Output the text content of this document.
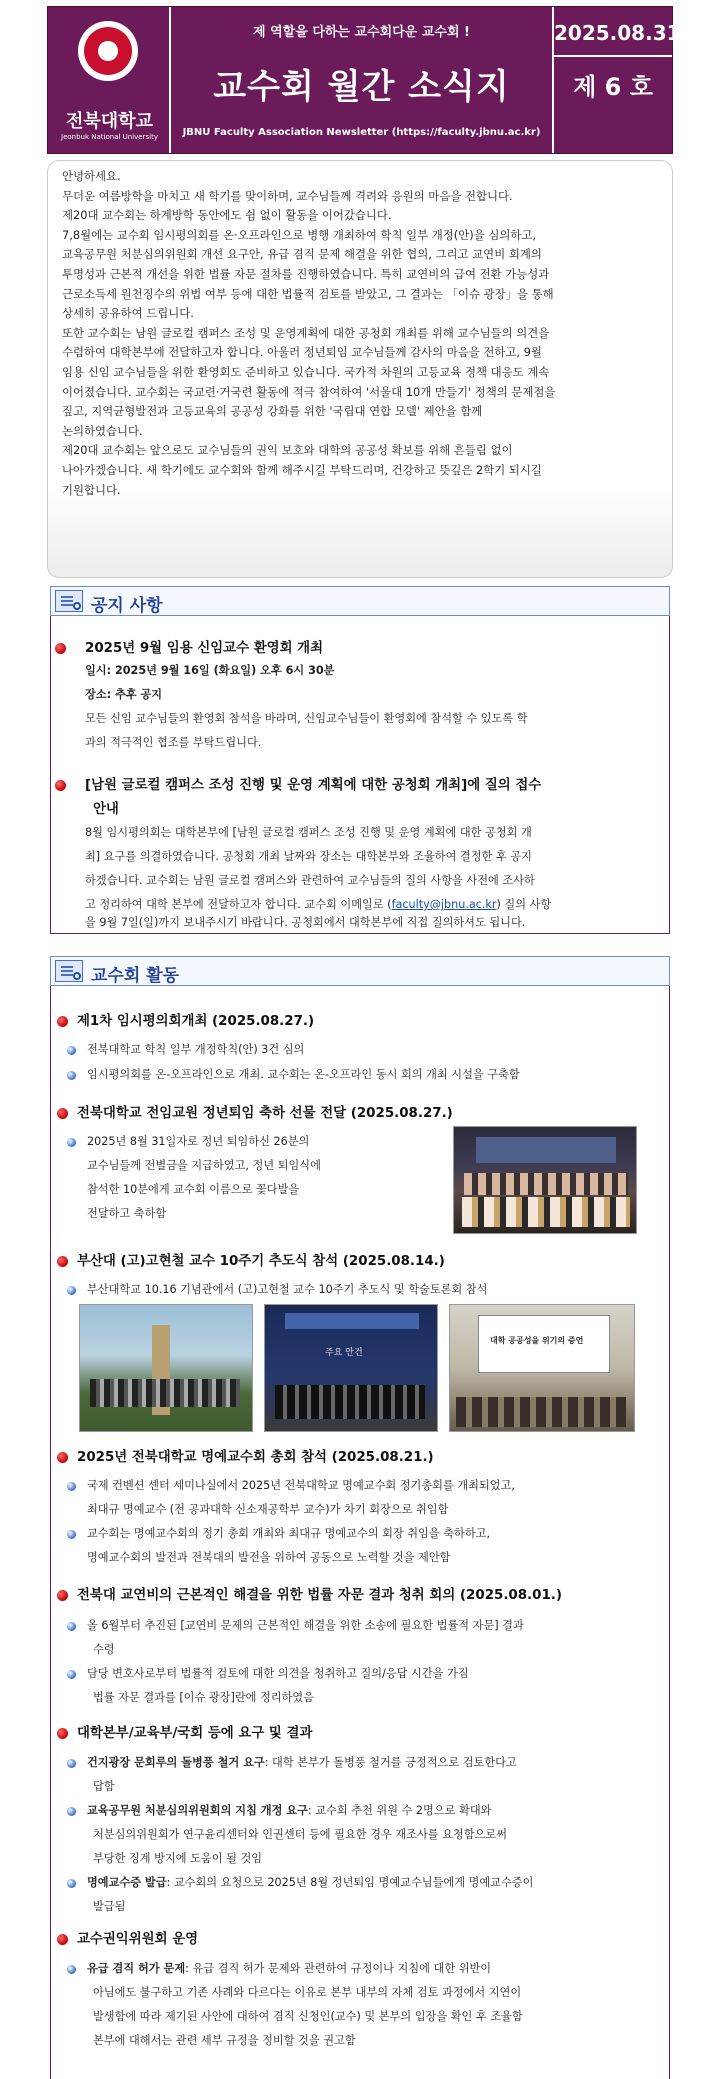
전북대학교
Jeonbuk National University
제 역할을 다하는 교수회다운 교수회 !
교수회 월간 소식지
JBNU Faculty Association Newsletter (https://faculty.jbnu.ac.kr)
2025.08.31.
제 6 호

안녕하세요.

무더운 여름방학을 마치고 새 학기를 맞이하며, 교수님들께 격려와 응원의 마음을 전합니다.

제20대 교수회는 하계방학 동안에도 쉼 없이 활동을 이어갔습니다.

7,8월에는 교수회 임시평의회를 온·오프라인으로 병행 개최하여 학칙 일부 개정(안)을 심의하고,

교육공무원 처분심의위원회 개선 요구안, 유급 겸직 문제 해결을 위한 협의, 그리고 교연비 회계의

투명성과 근본적 개선을 위한 법률 자문 절차를 진행하였습니다. 특히 교연비의 급여 전환 가능성과

근로소득세 원천징수의 위법 여부 등에 대한 법률적 검토를 받았고, 그 결과는 「이슈 광장」을 통해

상세히 공유하여 드립니다.

또한 교수회는 남원 글로컬 캠퍼스 조성 및 운영계획에 대한 공청회 개최를 위해 교수님들의 의견을

수렴하여 대학본부에 전달하고자 합니다. 아울러 정년퇴임 교수님들께 감사의 마음을 전하고, 9월

임용 신임 교수님들을 위한 환영회도 준비하고 있습니다. 국가적 차원의 고등교육 정책 대응도 계속

이어졌습니다. 교수회는 국교련·거국련 활동에 적극 참여하여 '서울대 10개 만들기' 정책의 문제점을

짚고, 지역균형발전과 고등교육의 공공성 강화를 위한 '국립대 연합 모델' 제안을 함께

논의하였습니다.

제20대 교수회는 앞으로도 교수님들의 권익 보호와 대학의 공공성 확보를 위해 흔들림 없이

나아가겠습니다. 새 학기에도 교수회와 함께 해주시길 부탁드리며, 건강하고 뜻깊은 2학기 되시길

기원합니다.

공지 사항
2025년 9월 임용 신임교수 환영회 개최
일시: 2025년 9월 16일 (화요일) 오후 6시 30분
장소: 추후 공지
모든 신임 교수님들의 환영회 참석을 바라며, 신임교수님들이 환영회에 참석할 수 있도록 학
과의 적극적인 협조를 부탁드립니다.
[남원 글로컬 캠퍼스 조성 진행 및 운영 계획에 대한 공청회 개최]에 질의 접수
안내
8월 임시평의회는 대학본부에 [남원 글로컬 캠퍼스 조성 진행 및 운영 계획에 대한 공청회 개
최] 요구를 의결하였습니다. 공청회 개최 날짜와 장소는 대학본부와 조율하여 결정한 후 공지
하겠습니다. 교수회는 남원 글로컬 캠퍼스와 관련하여 교수님들의 질의 사항을 사전에 조사하
고 정리하여 대학 본부에 전달하고자 합니다. 교수회 이메일로 (faculty@jbnu.ac.kr) 질의 사항
을 9월 7일(일)까지 보내주시기 바랍니다. 공청회에서 대학본부에 직접 질의하셔도 됩니다.
교수회 활동
제1차 임시평의회개최 (2025.08.27.)
전북대학교 학칙 일부 개정학칙(안) 3건 심의
임시평의회를 온-오프라인으로 개최. 교수회는 온-오프라인 동시 회의 개최 시설을 구축함
전북대학교 전임교원 정년퇴임 축하 선물 전달 (2025.08.27.)
2025년 8월 31일자로 정년 퇴임하신 26분의
교수님들께 전별금을 지급하였고, 정년 퇴임식에
참석한 10분에게 교수회 이름으로 꽃다발을
전달하고 축하함
부산대 (고)고현철 교수 10주기 추도식 참석 (2025.08.14.)
부산대학교 10.16 기념관에서 (고)고현철 교수 10주기 추도식 및 학술토론회 참석
주요 안건
대학 공공성을 위기의 증언
2025년 전북대학교 명예교수회 총회 참석 (2025.08.21.)
국제 컨벤션 센터 세미나실에서 2025년 전북대학교 명예교수회 정기총회를 개최되었고,
최대규 명예교수 (전 공과대학 신소재공학부 교수)가 차기 회장으로 취임함
교수회는 명예교수회의 정기 총회 개최와 최대규 명예교수의 회장 취임을 축하하고,
명예교수회의 발전과 전북대의 발전을 위하여 공동으로 노력할 것을 제안함
전북대 교연비의 근본적인 해결을 위한 법률 자문 결과 청취 회의 (2025.08.01.)
올 6월부터 추진된 [교연비 문제의 근본적인 해결을 위한 소송에 필요한 법률적 자문] 결과
수령
담당 변호사로부터 법률적 검토에 대한 의견을 청취하고 질의/응답 시간을 가짐
법률 자문 결과를 [이슈 광장]란에 정리하였음
대학본부/교육부/국회 등에 요구 및 결과
건지광장 문회루의 돌병풍 철거 요구: 대학 본부가 돌병풍 철거를 긍정적으로 검토한다고
답함
교육공무원 처분심의위원회의 지침 개정 요구: 교수회 추천 위원 수 2명으로 확대와
처분심의위원회가 연구윤리센터와 인권센터 등에 필요한 경우 재조사를 요청함으로써
부당한 징계 방지에 도움이 될 것임
명예교수증 발급: 교수회의 요청으로 2025년 8월 정년퇴임 명예교수님들에게 명예교수증이
발급됨
교수권익위원회 운영
유급 겸직 허가 문제: 유급 겸직 허가 문제와 관련하여 규정이나 지침에 대한 위반이
아님에도 불구하고 기존 사례와 다르다는 이유로 본부 내부의 자체 검토 과정에서 지연이
발생함에 따라 제기된 사안에 대하여 겸직 신청인(교수) 및 본부의 입장을 확인 후 조율함
본부에 대해서는 관련 세부 규정을 정비할 것을 권고함
